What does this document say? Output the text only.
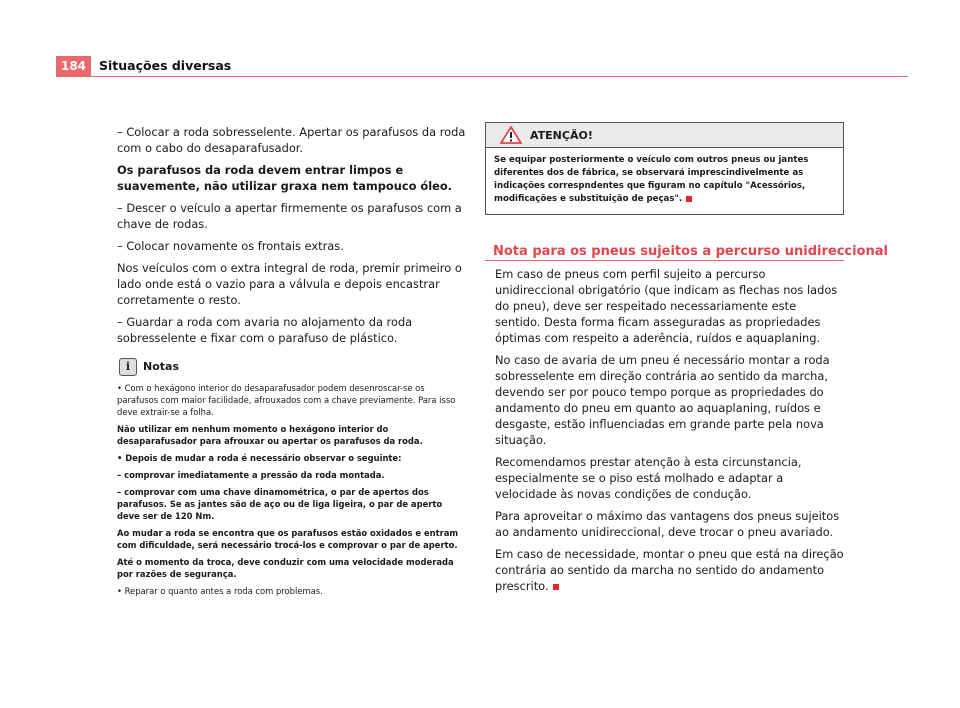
184	Situações diversas

– Colocar a roda sobresselente. Apertar os parafusos da roda com o cabo do desaparafusador.

Os parafusos da roda devem entrar limpos e suavemente, não utilizar graxa nem tampouco óleo.

– Descer o veículo a apertar firmemente os parafusos com a chave de rodas.

– Colocar novamente os frontais extras.

Nos veículos com o extra integral de roda, premir primeiro o lado onde está o vazio para a válvula e depois encastrar corretamente o resto.

– Guardar a roda com avaria no alojamento da roda sobresselente e fixar com o parafuso de plástico.

i	Notas

• Com o hexágono interior do desaparafusador podem desenroscar-se os parafusos com maior facilidade, afrouxados com a chave previamente. Para isso deve extrair-se a folha.

Não utilizar em nenhum momento o hexágono interior do desaparafusador para afrouxar ou apertar os parafusos da roda.

• Depois de mudar a roda é necessário observar o seguinte:

– comprovar imediatamente a pressão da roda montada.

– comprovar com uma chave dinamométrica, o par de apertos dos parafusos. Se as jantes são de aço ou de liga ligeira, o par de aperto deve ser de 120 Nm.

Ao mudar a roda se encontra que os parafusos estão oxidados e entram com dificuldade, será necessário trocá-los e comprovar o par de aperto.

Até o momento da troca, deve conduzir com uma velocidade moderada por razões de segurança.

• Reparar o quanto antes a roda com problemas.

ATENÇÃO!
Se equipar posteriormente o veículo com outros pneus ou jantes diferentes dos de fábrica, se observará imprescindivelmente as indicações correspndentes que figuram no capítulo "Acessórios, modificações e substituição de peças".
Nota para os pneus sujeitos a percurso unidireccional

Em caso de pneus com perfil sujeito a percurso unidireccional obrigatório (que indicam as flechas nos lados do pneu), deve ser respeitado necessariamente este sentido. Desta forma ficam asseguradas as propriedades óptimas com respeito a aderência, ruídos e aquaplaning.

No caso de avaria de um pneu é necessário montar a roda sobresselente em direção contrária ao sentido da marcha, devendo ser por pouco tempo porque as propriedades do andamento do pneu em quanto ao aquaplaning, ruídos e desgaste, estão influenciadas em grande parte pela nova situação.

Recomendamos prestar atenção à esta circunstancia, especialmente se o piso está molhado e adaptar a velocidade às novas condições de condução.

Para aproveitar o máximo das vantagens dos pneus sujeitos ao andamento unidireccional, deve trocar o pneu avariado.

Em caso de necessidade, montar o pneu que está na direção contrária ao sentido da marcha no sentido do andamento prescrito.
